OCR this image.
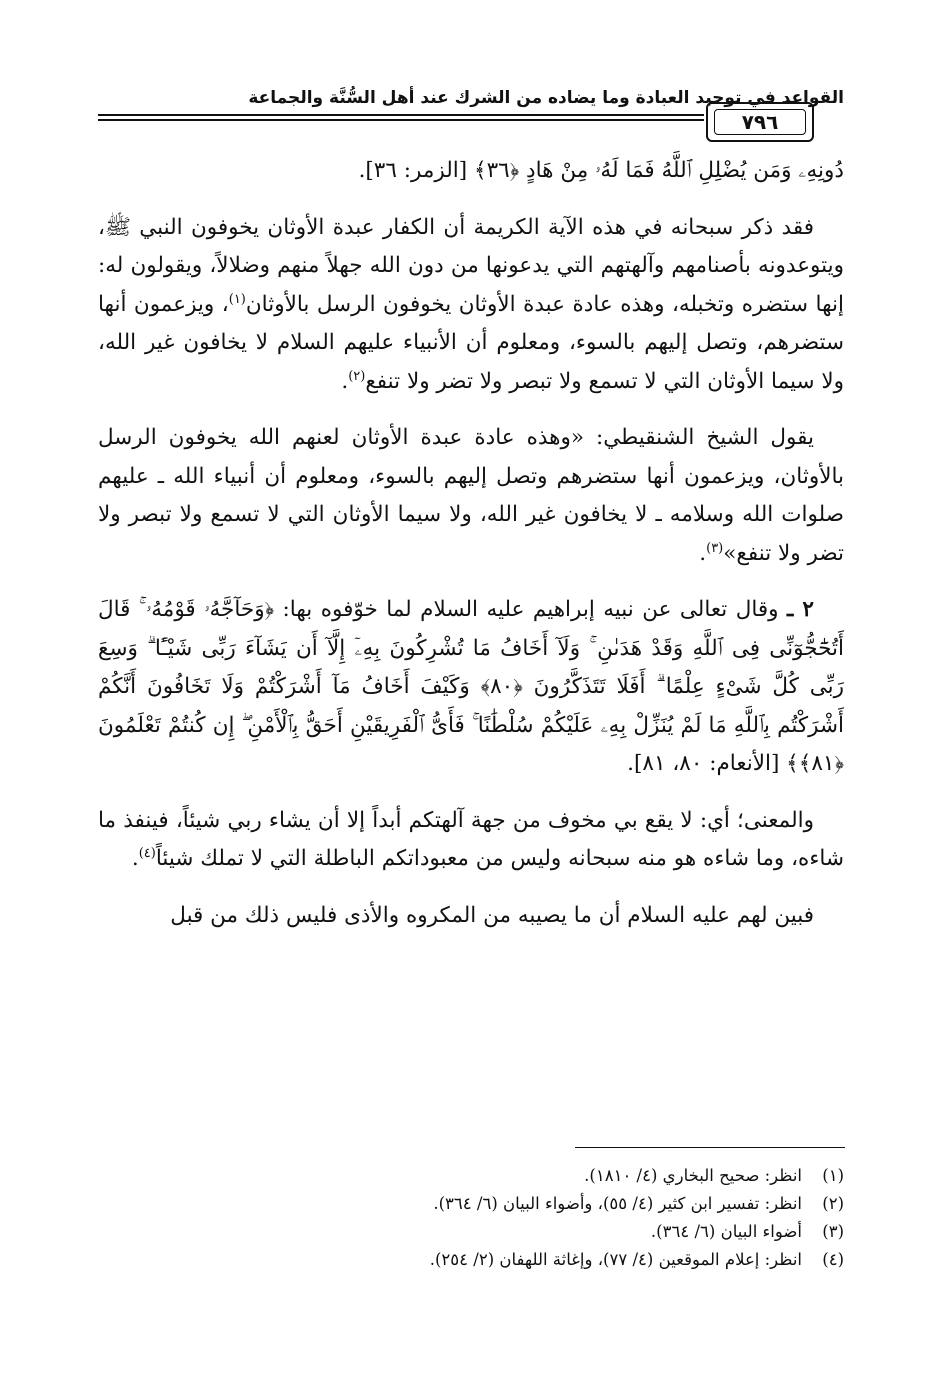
القواعد في توحيد العبادة وما يضاده من الشرك عند أهل السُّنَّة والجماعة
٧٩٦

دُونِهِۦ وَمَن يُضْلِلِ ٱللَّهُ فَمَا لَهُۥ مِنْ هَادٍ ﴿٣٦﴾ [الزمر: ٣٦].

فقد ذكر سبحانه في هذه الآية الكريمة أن الكفار عبدة الأوثان يخوفون النبي ﷺ، ويتوعدونه بأصنامهم وآلهتهم التي يدعونها من دون الله جهلاً منهم وضلالاً، ويقولون له: إنها ستضره وتخبله، وهذه عادة عبدة الأوثان يخوفون الرسل بالأوثان$^{(١)}$، ويزعمون أنها ستضرهم، وتصل إليهم بالسوء، ومعلوم أن الأنبياء عليهم السلام لا يخافون غير الله، ولا سيما الأوثان التي لا تسمع ولا تبصر ولا تضر ولا تنفع$^{(٢)}$.

يقول الشيخ الشنقيطي: «وهذه عادة عبدة الأوثان لعنهم الله يخوفون الرسل بالأوثان، ويزعمون أنها ستضرهم وتصل إليهم بالسوء، ومعلوم أن أنبياء الله ـ عليهم صلوات الله وسلامه ـ لا يخافون غير الله، ولا سيما الأوثان التي لا تسمع ولا تبصر ولا تضر ولا تنفع»$^{(٣)}$.

٢ ـ وقال تعالى عن نبيه إبراهيم عليه السلام لما خوّفوه بها: ﴿وَحَآجَّهُۥ قَوْمُهُۥ ۚ قَالَ أَتُحَٰٓجُّوٓنِّى فِى ٱللَّهِ وَقَدْ هَدَىٰنِ ۚ وَلَآ أَخَافُ مَا تُشْرِكُونَ بِهِۦٓ إِلَّآ أَن يَشَآءَ رَبِّى شَيْـًٔا ۗ وَسِعَ رَبِّى كُلَّ شَىْءٍ عِلْمًا ۗ أَفَلَا تَتَذَكَّرُونَ ﴿٨٠﴾ وَكَيْفَ أَخَافُ مَآ أَشْرَكْتُمْ وَلَا تَخَافُونَ أَنَّكُمْ أَشْرَكْتُم بِٱللَّهِ مَا لَمْ يُنَزِّلْ بِهِۦ عَلَيْكُمْ سُلْطَٰنًا ۚ فَأَىُّ ٱلْفَرِيقَيْنِ أَحَقُّ بِٱلْأَمْنِ ۖ إِن كُنتُمْ تَعْلَمُونَ ﴿٨١﴾﴾ [الأنعام: ٨٠، ٨١].

والمعنى؛ أي: لا يقع بي مخوف من جهة آلهتكم أبداً إلا أن يشاء ربي شيئاً، فينفذ ما شاءه، وما شاءه هو منه سبحانه وليس من معبوداتكم الباطلة التي لا تملك شيئاً$^{(٤)}$.

فبين لهم عليه السلام أن ما يصيبه من المكروه والأذى فليس ذلك من قبل

(١)
انظر: صحيح البخاري (٤/ ١٨١٠).
(٢)
انظر: تفسير ابن كثير (٤/ ٥٥)، وأضواء البيان (٦/ ٣٦٤).
(٣)
أضواء البيان (٦/ ٣٦٤).
(٤)
انظر: إعلام الموقعين (٤/ ٧٧)، وإغاثة اللهفان (٢/ ٢٥٤).
